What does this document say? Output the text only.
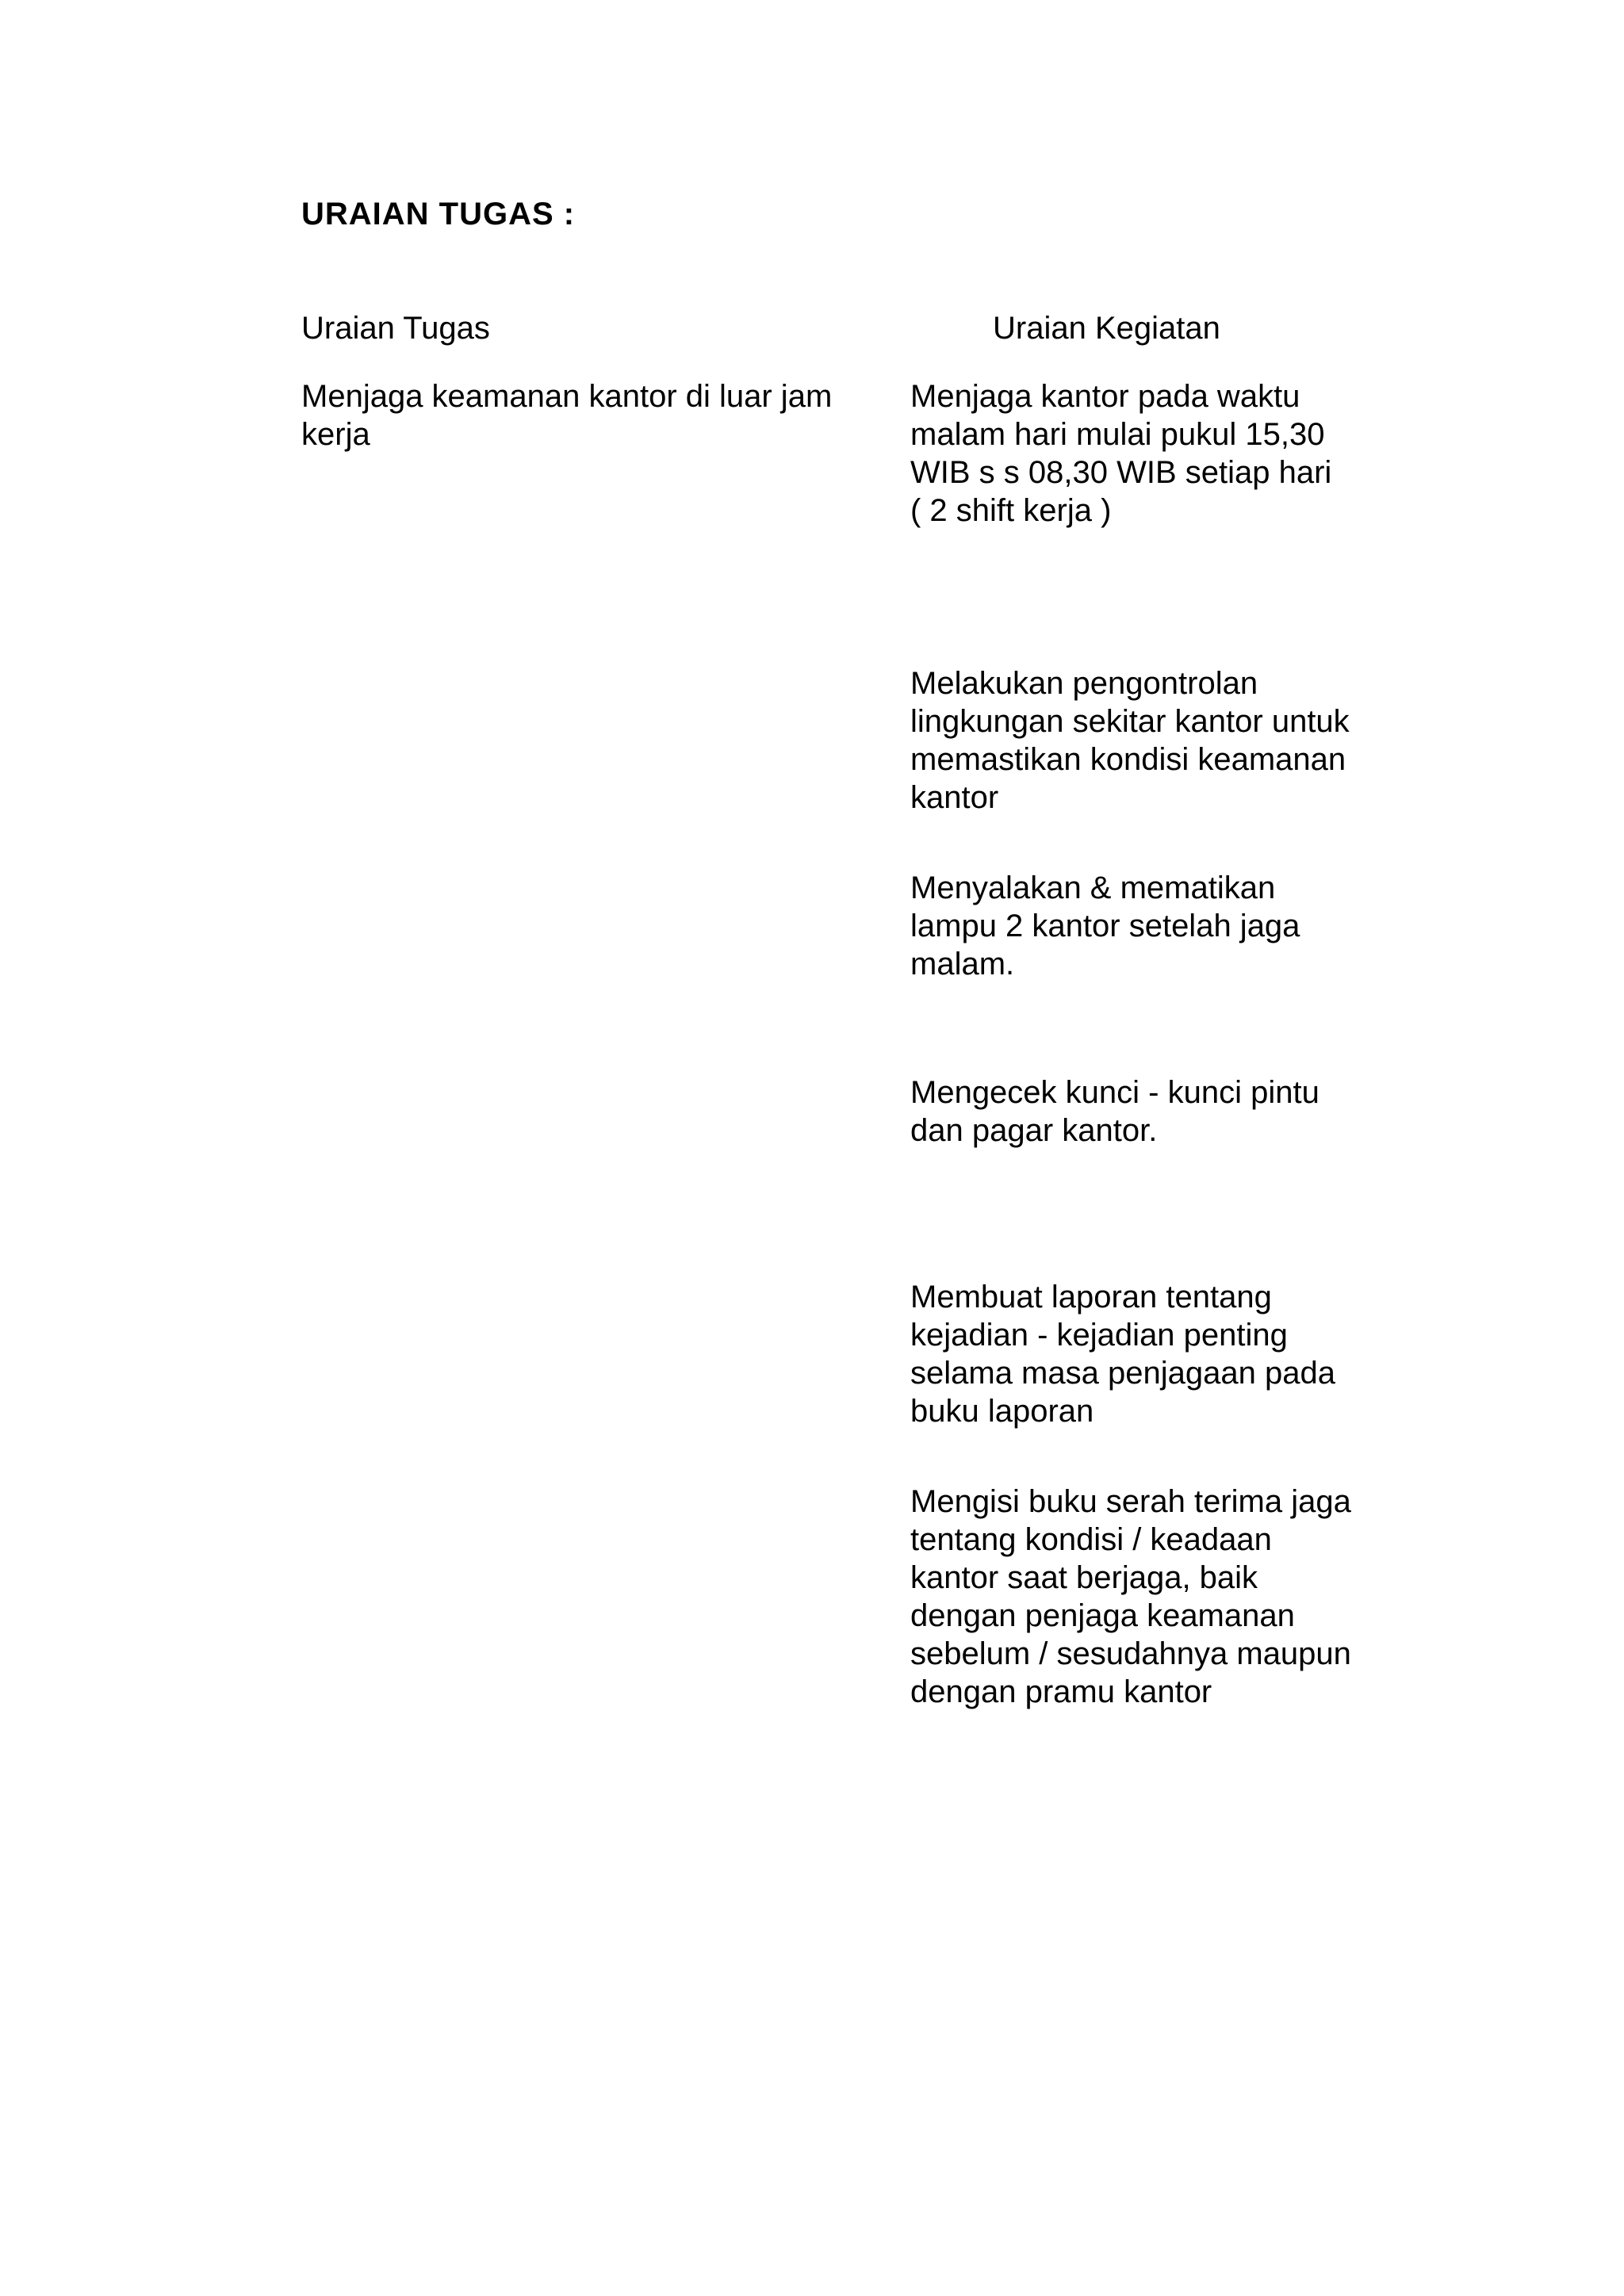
URAIAN TUGAS :
Uraian Tugas	Uraian Kegiatan
Menjaga keamanan kantor di luar jam
kerja
Menjaga kantor pada waktu
malam hari mulai pukul 15,30
WIB s s 08,30 WIB setiap hari
( 2 shift kerja )
Melakukan pengontrolan
lingkungan sekitar kantor untuk
memastikan kondisi keamanan
kantor
Menyalakan & mematikan
lampu 2 kantor setelah jaga
malam.
Mengecek kunci - kunci pintu
dan pagar kantor.
Membuat laporan tentang
kejadian - kejadian penting
selama masa penjagaan pada
buku laporan
Mengisi buku serah terima jaga
tentang kondisi / keadaan
kantor saat berjaga, baik
dengan penjaga keamanan
sebelum / sesudahnya maupun
dengan pramu kantor
